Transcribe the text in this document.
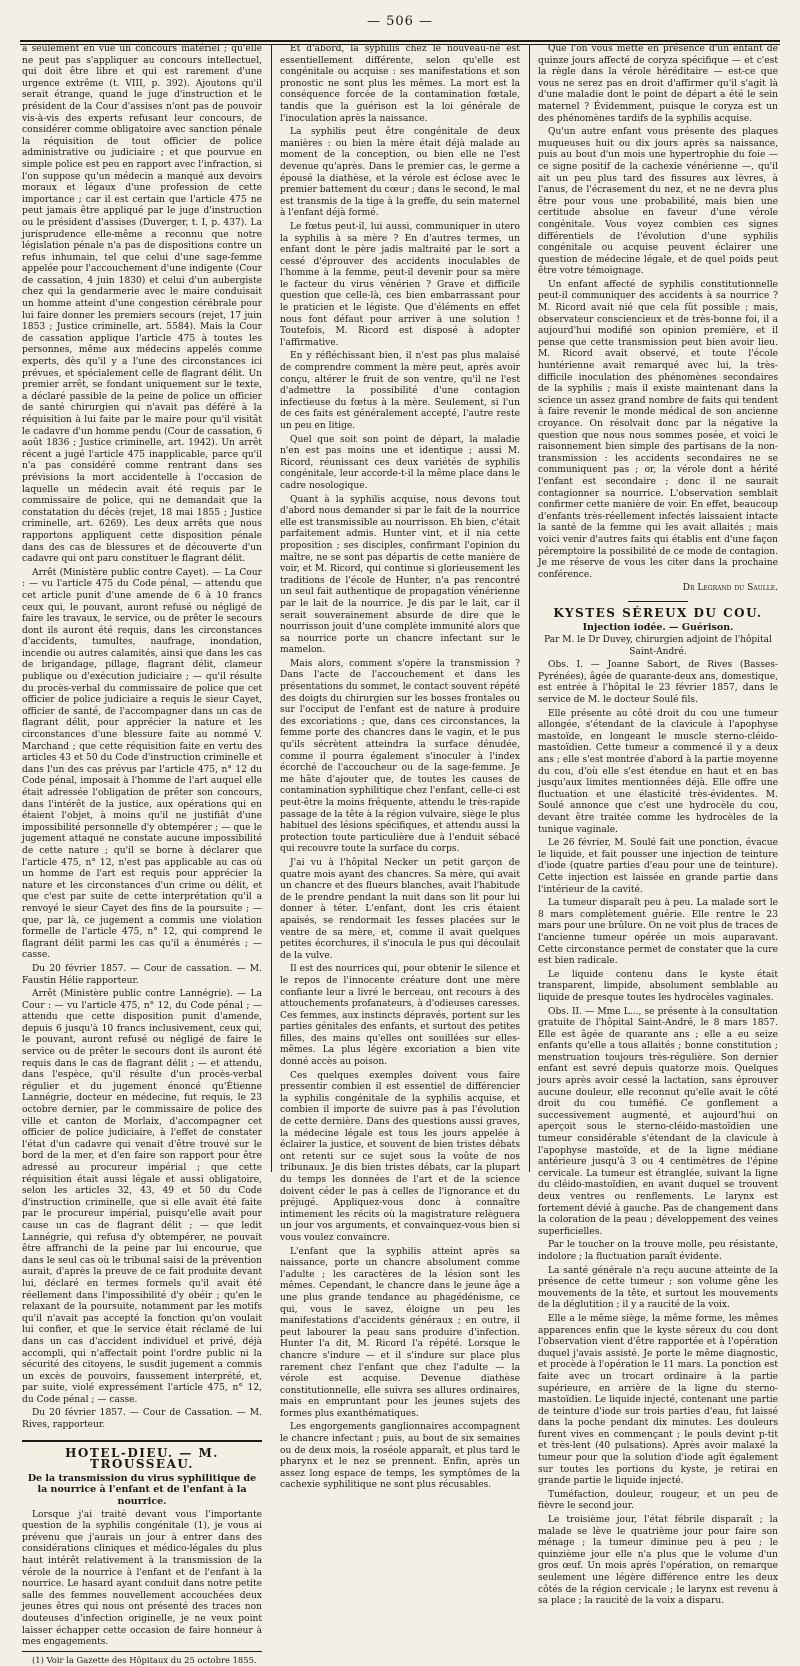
— 506 —

a seulement en vue un concours matériel ; qu'elle ne peut pas s'appliquer au concours intellectuel, qui doit être libre et qui est rarement d'une urgence extrême (t. VIII, p. 392). Ajoutons qu'il serait étrange, quand le juge d'instruction et le président de la Cour d'assises n'ont pas de pouvoir vis-à-vis des experts refusant leur concours, de considérer comme obligatoire avec sanction pénale la réquisition de tout officier de police administrative ou judiciaire ; et que pourvue en simple police est peu en rapport avec l'infraction, si l'on suppose qu'un médecin a manqué aux devoirs moraux et légaux d'une profession de cette importance ; car il est certain que l'article 475 ne peut jamais être appliqué par le juge d'instruction ou le président d'assises (Duverger, t. I, p. 437). La jurisprudence elle-même a reconnu que notre législation pénale n'a pas de dispositions contre un refus inhumain, tel que celui d'une sage-femme appelée pour l'accouchement d'une indigente (Cour de cassation, 4 juin 1830) et celui d'un aubergiste chez qui la gendarmerie avec le maire conduisait un homme atteint d'une congestion cérébrale pour lui faire donner les premiers secours (rejet, 17 juin 1853 ; Justice criminelle, art. 5584). Mais la Cour de cassation applique l'article 475 à toutes les personnes, même aux médecins appelés comme experts, dès qu'il y a l'une des circonstances ici prévues, et spécialement celle de flagrant délit. Un premier arrêt, se fondant uniquement sur le texte, a déclaré passible de la peine de police un officier de santé chirurgien qui n'avait pas déféré à la réquisition à lui faite par le maire pour qu'il visitât le cadavre d'un homme pendu (Cour de cassation, 6 août 1836 ; Justice criminelle, art. 1942). Un arrêt récent a jugé l'article 475 inapplicable, parce qu'il n'a pas considéré comme rentrant dans ses prévisions la mort accidentelle à l'occasion de laquelle un médecin avait été requis par le commissaire de police, qui ne demandait que la constatation du décès (rejet, 18 mai 1855 ; Justice criminelle, art. 6269). Les deux arrêts que nous rapportons appliquent cette disposition pénale dans des cas de blessures et de découverte d'un cadavre qui ont paru constituer le flagrant délit.

Arrêt (Ministère public contre Cayet). — La Cour : — vu l'article 475 du Code pénal, — attendu que cet article punit d'une amende de 6 à 10 francs ceux qui, le pouvant, auront refusé ou négligé de faire les travaux, le service, ou de prêter le secours dont ils auront été requis, dans les circonstances d'accidents, tumultes, naufrage, inondation, incendie ou autres calamités, ainsi que dans les cas de brigandage, pillage, flagrant délit, clameur publique ou d'exécution judiciaire ; — qu'il résulte du procès-verbal du commissaire de police que cet officier de police judiciaire a requis le sieur Cayet, officier de santé, de l'accompagner dans un cas de flagrant délit, pour apprécier la nature et les circonstances d'une blessure faite au nommé V. Marchand ; que cette réquisition faite en vertu des articles 43 et 50 du Code d'instruction criminelle et dans l'un des cas prévus par l'article 475, n° 12 du Code pénal, imposait à l'homme de l'art auquel elle était adressée l'obligation de prêter son concours, dans l'intérêt de la justice, aux opérations qui en étaient l'objet, à moins qu'il ne justifiât d'une impossibilité personnelle d'y obtempérer ; — que le jugement attaqué ne constate aucune impossibilité de cette nature ; qu'il se borne à déclarer que l'article 475, n° 12, n'est pas applicable au cas où un homme de l'art est requis pour apprécier la nature et les circonstances d'un crime ou délit, et que c'est par suite de cette interprétation qu'il a renvoyé le sieur Cayet des fins de la poursuite ; — que, par là, ce jugement a commis une violation formelle de l'article 475, n° 12, qui comprend le flagrant délit parmi les cas qu'il a énumérés ; — casse.

Du 20 février 1857. — Cour de cassation. — M. Faustin Hélie rapporteur.

Arrêt (Ministère public contre Lannégrie). — La Cour : — vu l'article 475, n° 12, du Code pénal ; — attendu que cette disposition punit d'amende, depuis 6 jusqu'à 10 francs inclusivement, ceux qui, le pouvant, auront refusé ou négligé de faire le service ou de prêter le secours dont ils auront été requis dans le cas de flagrant délit ; — et attendu, dans l'espèce, qu'il résulte d'un procès-verbal régulier et du jugement énoncé qu'Étienne Lannégrie, docteur en médecine, fut requis, le 23 octobre dernier, par le commissaire de police des ville et canton de Morlaix, d'accompagner cet officier de police judiciaire, à l'effet de constater l'état d'un cadavre qui venait d'être trouvé sur le bord de la mer, et d'en faire son rapport pour être adressé au procureur impérial ; que cette réquisition était aussi légale et aussi obligatoire, selon les articles 32, 43, 49 et 50 du Code d'instruction criminelle, que si elle avait été faite par le procureur impérial, puisqu'elle avait pour cause un cas de flagrant délit ; — que ledit Lannégrie, qui refusa d'y obtempérer, ne pouvait être affranchi de la peine par lui encourue, que dans le seul cas où le tribunal saisi de la prévention aurait, d'après la preuve de ce fait produite devant lui, déclaré en termes formels qu'il avait été réellement dans l'impossibilité d'y obéir ; qu'en le relaxant de la poursuite, notamment par les motifs qu'il n'avait pas accepté la fonction qu'on voulait lui confier, et que le service était réclamé de lui dans un cas d'accident individuel et privé, déjà accompli, qui n'affectait point l'ordre public ni la sécurité des citoyens, le susdit jugement a commis un excès de pouvoirs, faussement interprété, et, par suite, violé expressément l'article 475, n° 12, du Code pénal ; — casse.

Du 20 février 1857. — Cour de Cassation. — M. Rives, rapporteur.

HOTEL-DIEU. — M. TROUSSEAU.

De la transmission du virus syphilitique de la nourrice à l'enfant et de l'enfant à la nourrice.

Lorsque j'ai traité devant vous l'importante question de la syphilis congénitale (1), je vous ai prévenu que j'aurais un jour à entrer dans des considérations cliniques et médico-légales du plus haut intérêt relativement à la transmission de la vérole de la nourrice à l'enfant et de l'enfant à la nourrice. Le hasard ayant conduit dans notre petite salle des femmes nouvellement accouchées deux jeunes êtres qui nous ont présenté des traces non douteuses d'infection originelle, je ne veux point laisser échapper cette occasion de faire honneur à mes engagements.

(1) Voir la Gazette des Hôpitaux du 25 octobre 1855.

Et d'abord, la syphilis chez le nouveau-né est essentiellement différente, selon qu'elle est congénitale ou acquise : ses manifestations et son pronostic ne sont plus les mêmes. La mort est la conséquence forcée de la contamination fœtale, tandis que la guérison est la loi générale de l'inoculation après la naissance.

La syphilis peut être congénitale de deux manières : ou bien la mère était déjà malade au moment de la conception, ou bien elle ne l'est devenue qu'après. Dans le premier cas, le germe a épousé la diathèse, et la vérole est éclose avec le premier battement du cœur ; dans le second, le mal est transmis de la tige à la greffe, du sein maternel à l'enfant déjà formé.

Le fœtus peut-il, lui aussi, communiquer in utero la syphilis à sa mère ? En d'autres termes, un enfant dont le père jadis maltraité par le sort a cessé d'éprouver des accidents inoculables de l'homme à la femme, peut-il devenir pour sa mère le facteur du virus vénérien ? Grave et difficile question que celle-là, ces bien embarrassant pour le praticien et le légiste. Que d'éléments en effet nous font défaut pour arriver à une solution ! Toutefois, M. Ricord est disposé à adopter l'affirmative.

En y réfléchissant bien, il n'est pas plus malaisé de comprendre comment la mère peut, après avoir conçu, altérer le fruit de son ventre, qu'il ne l'est d'admettre la possibilité d'une contagion infectieuse du fœtus à la mère. Seulement, si l'un de ces faits est généralement accepté, l'autre reste un peu en litige.

Quel que soit son point de départ, la maladie n'en est pas moins une et identique ; aussi M. Ricord, réunissant ces deux variétés de syphilis congénitale, leur accorde-t-il la même place dans le cadre nosologique.

Quant à la syphilis acquise, nous devons tout d'abord nous demander si par le fait de la nourrice elle est transmissible au nourrisson. Eh bien, c'était parfaitement admis. Hunter vint, et il nia cette proposition ; ses disciples, confirmant l'opinion du maître, ne se sont pas départis de cette manière de voir, et M. Ricord, qui continue si glorieusement les traditions de l'école de Hunter, n'a pas rencontré un seul fait authentique de propagation vénérienne par le lait de la nourrice. Je dis par le lait, car il serait souverainement absurde de dire que le nourrisson jouit d'une complète immunité alors que sa nourrice porte un chancre infectant sur le mamelon.

Mais alors, comment s'opère la transmission ? Dans l'acte de l'accouchement et dans les présentations du sommet, le contact souvent répété des doigts du chirurgien sur les bosses frontales ou sur l'occiput de l'enfant est de nature à produire des excoriations ; que, dans ces circonstances, la femme porte des chancres dans le vagin, et le pus qu'ils sécrètent atteindra la surface dénudée, comme il pourra également s'inoculer à l'index écorché de l'accoucheur ou de la sage-femme. Je me hâte d'ajouter que, de toutes les causes de contamination syphilitique chez l'enfant, celle-ci est peut-être la moins fréquente, attendu le très-rapide passage de la tête à la région vulvaire, siège le plus habituel des lésions spécifiques, et attendu aussi la protection toute particulière due à l'enduit sébacé qui recouvre toute la surface du corps.

J'ai vu à l'hôpital Necker un petit garçon de quatre mois ayant des chancres. Sa mère, qui avait un chancre et des flueurs blanches, avait l'habitude de le prendre pendant la nuit dans son lit pour lui donner à téter. L'enfant, dont les cris étaient apaisés, se rendormait les fesses placées sur le ventre de sa mère, et, comme il avait quelques petites écorchures, il s'inocula le pus qui découlait de la vulve.

Il est des nourrices qui, pour obtenir le silence et le repos de l'innocente créature dont une mère confiante leur a livré le berceau, ont recours à des attouchements profanateurs, à d'odieuses caresses. Ces femmes, aux instincts dépravés, portent sur les parties génitales des enfants, et surtout des petites filles, des mains qu'elles ont souillées sur elles-mêmes. La plus légère excoriation a bien vite donné accès au poison.

Ces quelques exemples doivent vous faire pressentir combien il est essentiel de différencier la syphilis congénitale de la syphilis acquise, et combien il importe de suivre pas à pas l'évolution de cette dernière. Dans des questions aussi graves, la médecine légale est tous les jours appelée à éclairer la justice, et souvent de bien tristes débats ont retenti sur ce sujet sous la voûte de nos tribunaux. Je dis bien tristes débats, car la plupart du temps les données de l'art et de la science doivent céder le pas à celles de l'ignorance et du préjugé. Appliquez-vous donc à connaître intimement les récits où la magistrature relèguera un jour vos arguments, et convainquez-vous bien si vous voulez convaincre.

L'enfant que la syphilis atteint après sa naissance, porte un chancre absolument comme l'adulte ; les caractères de la lésion sont les mêmes. Cependant, le chancre dans le jeune âge a une plus grande tendance au phagédénisme, ce qui, vous le savez, éloigne un peu les manifestations d'accidents généraux ; en outre, il peut labourer la peau sans produire d'infection. Hunter l'a dit, M. Ricord l'a répété. Lorsque le chancre s'indure — et il s'indure sur place plus rarement chez l'enfant que chez l'adulte — la vérole est acquise. Devenue diathèse constitutionnelle, elle suivra ses allures ordinaires, mais en empruntant pour les jeunes sujets des formes plus exanthématiques.

Les engorgements ganglionnaires accompagnent le chancre infectant ; puis, au bout de six semaines ou de deux mois, la roséole apparaît, et plus tard le pharynx et le nez se prennent. Enfin, après un assez long espace de temps, les symptômes de la cachexie syphilitique ne sont plus récusables.

Que l'on vous mette en présence d'un enfant de quinze jours affecté de coryza spécifique — et c'est la règle dans la vérole héréditaire — est-ce que vous ne serez pas en droit d'affirmer qu'il s'agit là d'une maladie dont le point de départ a été le sein maternel ? Évidemment, puisque le coryza est un des phénomènes tardifs de la syphilis acquise.

Qu'un autre enfant vous présente des plaques muqueuses huit ou dix jours après sa naissance, puis au bout d'un mois une hypertrophie du foie — ce signe positif de la cachexie vénérienne —, qu'il ait un peu plus tard des fissures aux lèvres, à l'anus, de l'écrasement du nez, et ne ne devra plus être pour vous une probabilité, mais bien une certitude absolue en faveur d'une vérole congénitale. Vous voyez combien ces signes différentiels de l'évolution d'une syphilis congénitale ou acquise peuvent éclairer une question de médecine légale, et de quel poids peut être votre témoignage.

Un enfant affecté de syphilis constitutionnelle peut-il communiquer des accidents à sa nourrice ? M. Ricord avait nié que cela fût possible ; mais, observateur consciencieux et de très-bonne foi, il a aujourd'hui modifié son opinion première, et il pense que cette transmission peut bien avoir lieu. M. Ricord avait observé, et toute l'école huntérienne avait remarqué avec lui, la très-difficile inoculation des phénomènes secondaires de la syphilis ; mais il existe maintenant dans la science un assez grand nombre de faits qui tendent à faire revenir le monde médical de son ancienne croyance. On résolvait donc par la négative la question que nous nous sommes posée, et voici le raisonnement bien simple des partisans de la non-transmission : les accidents secondaires ne se communiquent pas ; or, la vérole dont a hérité l'enfant est secondaire ; donc il ne saurait contagionner sa nourrice. L'observation semblait confirmer cette manière de voir. En effet, beaucoup d'enfants très-réellement infectés laissaient intacte la santé de la femme qui les avait allaités ; mais voici venir d'autres faits qui établis ent d'une façon péremptoire la possibilité de ce mode de contagion. Je me réserve de vous les citer dans la prochaine conférence.

Dr Legrand du Saulle.

KYSTES SÉREUX DU COU.

Injection iodée. — Guérison.

Par M. le Dr Duvey, chirurgien adjoint de l'hôpital Saint-André.

Obs. I. — Joanne Sabort, de Rives (Basses-Pyrénées), âgée de quarante-deux ans, domestique, est entrée à l'hôpital le 23 février 1857, dans le service de M. le docteur Soulé fils.

Elle présente au côté droit du cou une tumeur allongée, s'étendant de la clavicule à l'apophyse mastoïde, en longeant le muscle sterno-cléido-mastoïdien. Cette tumeur a commencé il y a deux ans ; elle s'est montrée d'abord à la partie moyenne du cou, d'où elle s'est étendue en haut et en bas jusqu'aux limites mentionnées déjà. Elle offre une fluctuation et une élasticité très-évidentes. M. Soulé annonce que c'est une hydrocèle du cou, devant être traitée comme les hydrocèles de la tunique vaginale.

Le 26 février, M. Soulé fait une ponction, évacue le liquide, et fait pousser une injection de teinture d'iode (quatre parties d'eau pour une de teinture). Cette injection est laissée en grande partie dans l'intérieur de la cavité.

La tumeur disparaît peu à peu. La malade sort le 8 mars complètement guérie. Elle rentre le 23 mars pour une brûlure. On ne voit plus de traces de l'ancienne tumeur opérée un mois auparavant. Cette circonstance permet de constater que la cure est bien radicale.

Le liquide contenu dans le kyste était transparent, limpide, absolument semblable au liquide de presque toutes les hydrocèles vaginales.

Obs. II. — Mme L..., se présente à la consultation gratuite de l'hôpital Saint-André, le 8 mars 1857. Elle est âgée de quarante ans ; elle a eu seize enfants qu'elle a tous allaités ; bonne constitution ; menstruation toujours très-régulière. Son dernier enfant est sevré depuis quatorze mois. Quelques jours après avoir cessé la lactation, sans éprouver aucune douleur, elle reconnut qu'elle avait le côté droit du cou tuméfié. Ce gonflement a successivement augmenté, et aujourd'hui on aperçoit sous le sterno-cléido-mastoïdien une tumeur considérable s'étendant de la clavicule à l'apophyse mastoïde, et de la ligne médiane antérieure jusqu'à 3 ou 4 centimètres de l'épine cervicale. La tumeur est étranglée, suivant la ligne du cléido-mastoïdien, en avant duquel se trouvent deux ventres ou renflements. Le larynx est fortement dévié à gauche. Pas de changement dans la coloration de la peau ; développement des veines superficielles.

Par le toucher on la trouve molle, peu résistante, indolore ; la fluctuation paraît évidente.

La santé générale n'a reçu aucune atteinte de la présence de cette tumeur ; son volume gêne les mouvements de la tête, et surtout les mouvements de la déglutition ; il y a raucité de la voix.

Elle a le même siège, la même forme, les mêmes apparences enfin que le kyste séreux du cou dont l'observation vient d'être rapportée et à l'opération duquel j'avais assisté. Je porte le même diagnostic, et procède à l'opération le 11 mars. La ponction est faite avec un trocart ordinaire à la partie supérieure, en arrière de la ligne du sterno-mastoïdien. Le liquide injecté, contenant une partie de teinture d'iode sur trois parties d'eau, fut laissé dans la poche pendant dix minutes. Les douleurs furent vives en commençant ; le pouls devint p-tit et très-lent (40 pulsations). Après avoir malaxé la tumeur pour que la solution d'iode agît également sur toutes les portions du kyste, je retirai en grande partie le liquide injecté.

Tuméfaction, douleur, rougeur, et un peu de fièvre le second jour.

Le troisième jour, l'état fébrile disparaît ; la malade se lève le quatrième jour pour faire son ménage ; la tumeur diminue peu à peu ; le quinzième jour elle n'a plus que le volume d'un gros œuf. Un mois après l'opération, on remarque seulement une légère différence entre les deux côtés de la région cervicale ; le larynx est revenu à sa place ; la raucité de la voix a disparu.
